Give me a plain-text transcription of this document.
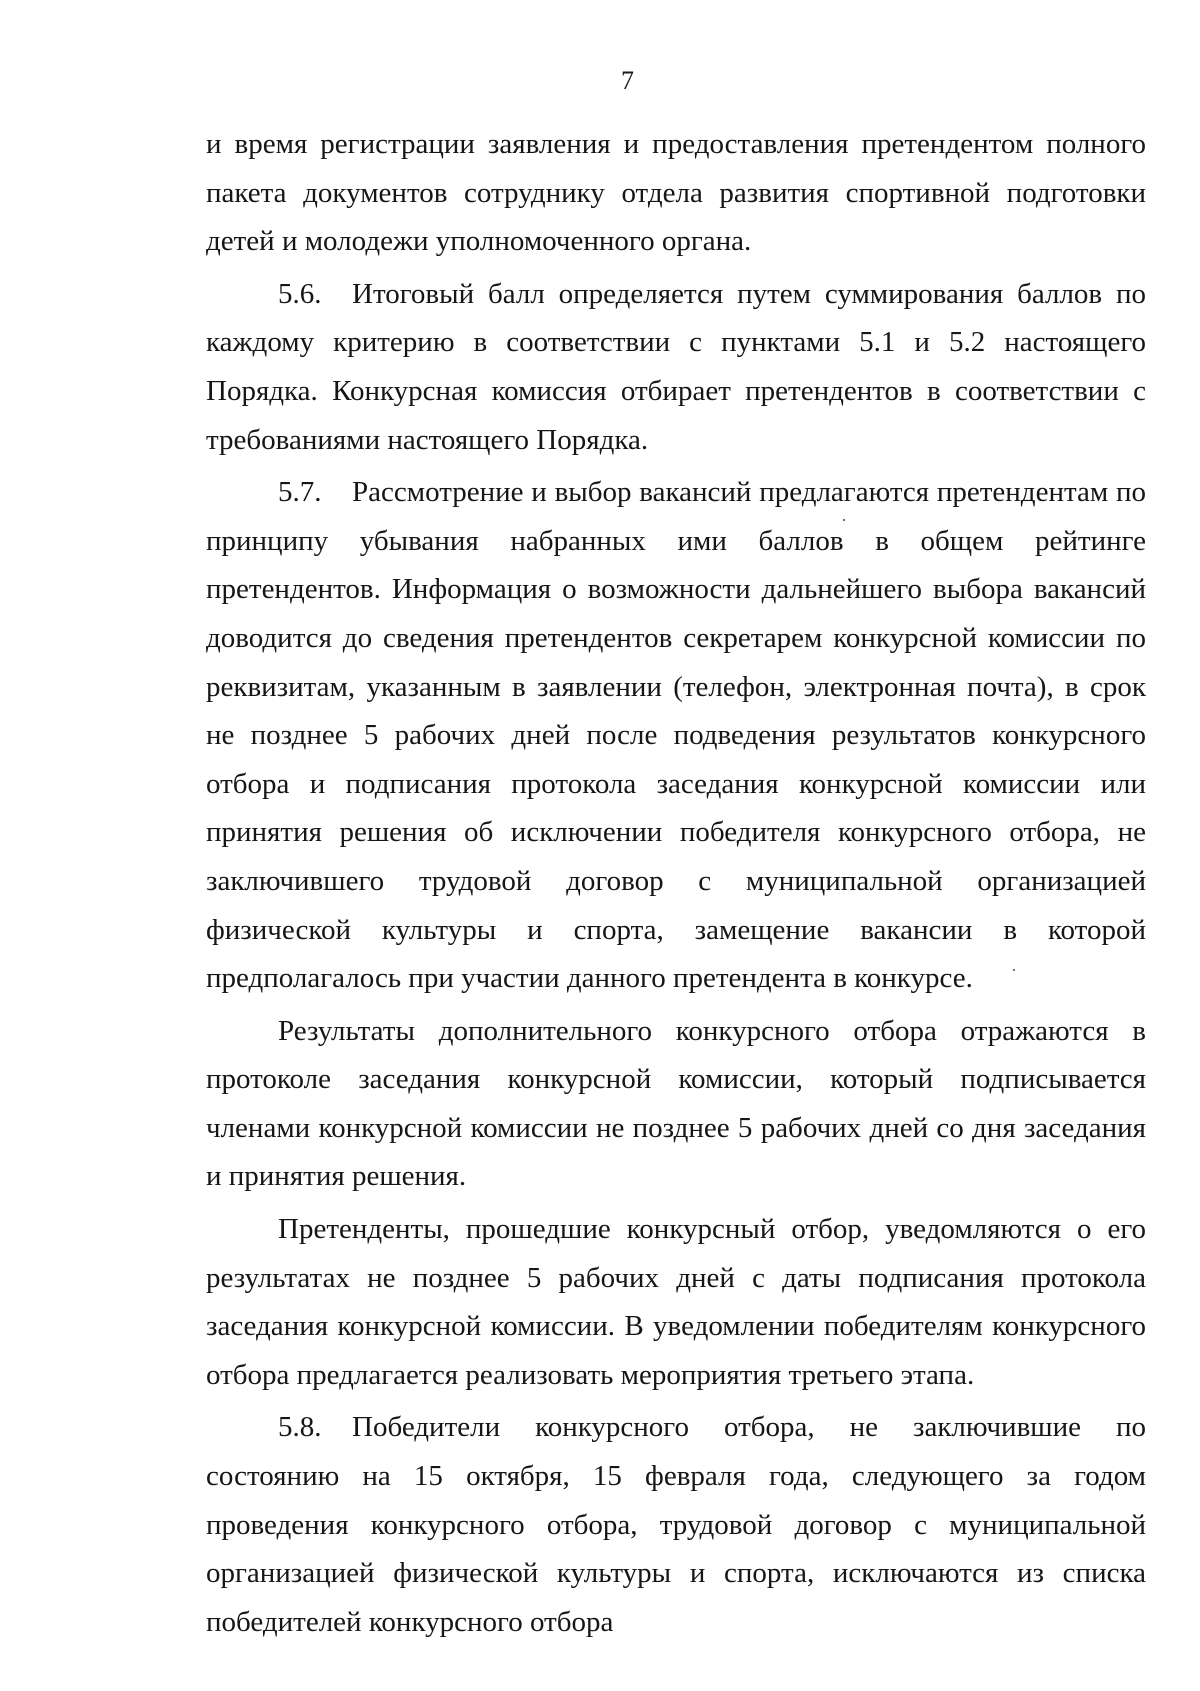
7

и время регистрации заявления и предоставления претендентом полного пакета документов сотруднику отдела развития спортивной подготовки детей и молодежи уполномоченного органа.

5.6. Итоговый балл определяется путем суммирования баллов по каждому критерию в соответствии с пунктами 5.1 и 5.2 настоящего Порядка. Конкурсная комиссия отбирает претендентов в соответствии с требованиями настоящего Порядка.

5.7. Рассмотрение и выбор вакансий предлагаются претендентам по принципу убывания набранных ими баллов в общем рейтинге претендентов. Информация о возможности дальнейшего выбора вакансий доводится до сведения претендентов секретарем конкурсной комиссии по реквизитам, указанным в заявлении (телефон, электронная почта), в срок не позднее 5 рабочих дней после подведения результатов конкурсного отбора и подписания протокола заседания конкурсной комиссии или принятия решения об исключении победителя конкурсного отбора, не заключившего трудовой договор с муниципальной организацией физической культуры и спорта, замещение вакансии в которой предполагалось при участии данного претендента в конкурсе.

Результаты дополнительного конкурсного отбора отражаются в протоколе заседания конкурсной комиссии, который подписывается членами конкурсной комиссии не позднее 5 рабочих дней со дня заседания и принятия решения.

Претенденты, прошедшие конкурсный отбор, уведомляются о его результатах не позднее 5 рабочих дней с даты подписания протокола заседания конкурсной комиссии. В уведомлении победителям конкурсного отбора предлагается реализовать мероприятия третьего этапа.

5.8. Победители конкурсного отбора, не заключившие по состоянию на 15 октября, 15 февраля года, следующего за годом проведения конкурсного отбора, трудовой договор с муниципальной организацией физической культуры и спорта, исключаются из списка победителей конкурсного отбора
